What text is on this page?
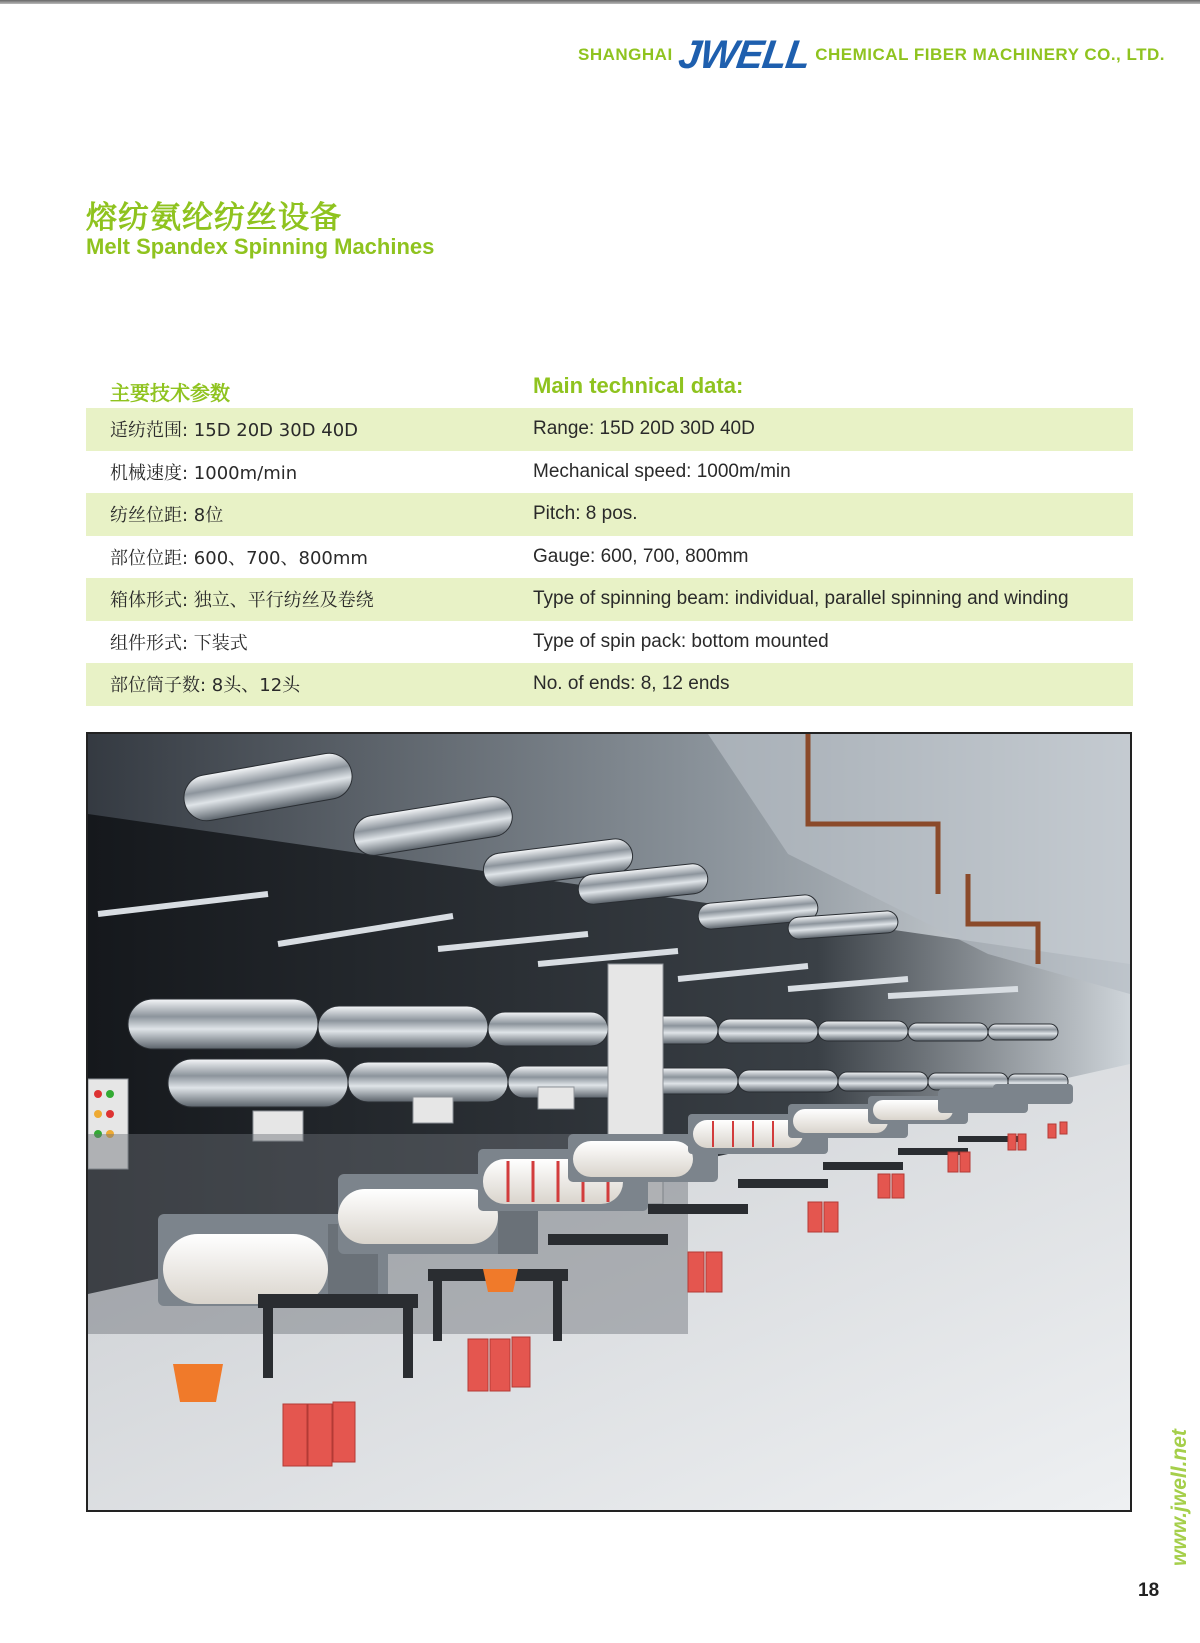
SHANGHAI JWELL CHEMICAL FIBER MACHINERY CO., LTD.
熔纺氨纶纺丝设备
Melt Spandex Spinning Machines
主要技术参数	Main technical data:
适纺范围: 15D 20D 30D 40D	Range: 15D 20D 30D 40D
机械速度: 1000m/min	Mechanical speed: 1000m/min
纺丝位距: 8位	Pitch: 8 pos.
部位位距: 600、700、800mm	Gauge: 600, 700, 800mm
箱体形式: 独立、平行纺丝及卷绕	Type of spinning beam: individual, parallel spinning and winding
组件形式: 下装式	Type of spin pack: bottom mounted
部位筒子数: 8头、12头	No. of ends: 8, 12 ends
www.jwell.net
18
